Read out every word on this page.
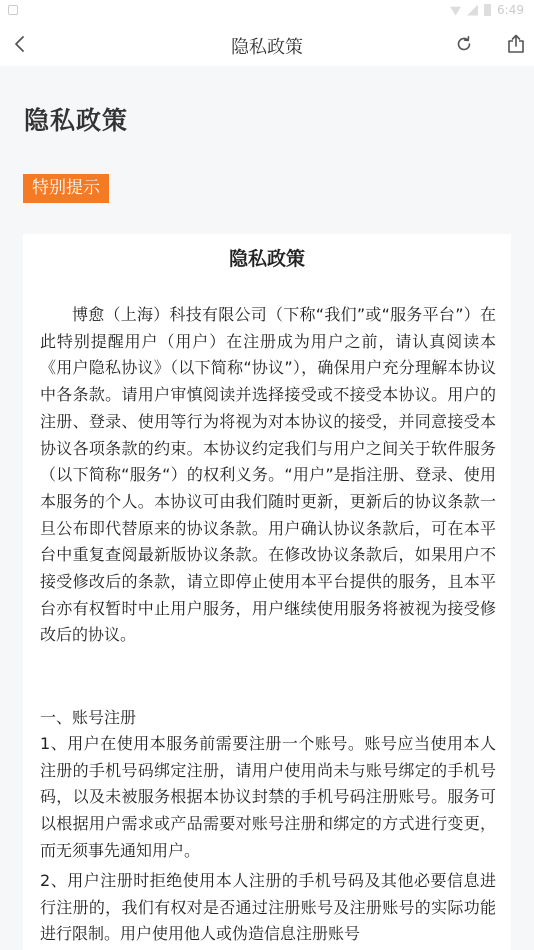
6:49
隐私政策
隐私政策
特别提示
隐私政策
博愈（上海）科技有限公司（下称“我们”或“服务平台”）在此特别提醒用户（用户）在注册成为用户之前，请认真阅读本《用户隐私协议》（以下简称“协议”），确保用户充分理解本协议中各条款。请用户审慎阅读并选择接受或不接受本协议。用户的注册、登录、使用等行为将视为对本协议的接受，并同意接受本协议各项条款的约束。本协议约定我们与用户之间关于软件服务（以下简称“服务“）的权利义务。“用户”是指注册、登录、使用本服务的个人。本协议可由我们随时更新，更新后的协议条款一旦公布即代替原来的协议条款。用户确认协议条款后，可在本平台中重复查阅最新版协议条款。在修改协议条款后，如果用户不接受修改后的条款，请立即停止使用本平台提供的服务，且本平台亦有权暂时中止用户服务，用户继续使用服务将被视为接受修改后的协议。
一、账号注册
1、用户在使用本服务前需要注册一个账号。账号应当使用本人注册的手机号码绑定注册，请用户使用尚未与账号绑定的手机号码，以及未被服务根据本协议封禁的手机号码注册账号。服务可以根据用户需求或产品需要对账号注册和绑定的方式进行变更，而无须事先通知用户。
2、用户注册时拒绝使用本人注册的手机号码及其他必要信息进行注册的，我们有权对是否通过注册账号及注册账号的实际功能进行限制。用户使用他人或伪造信息注册账号
